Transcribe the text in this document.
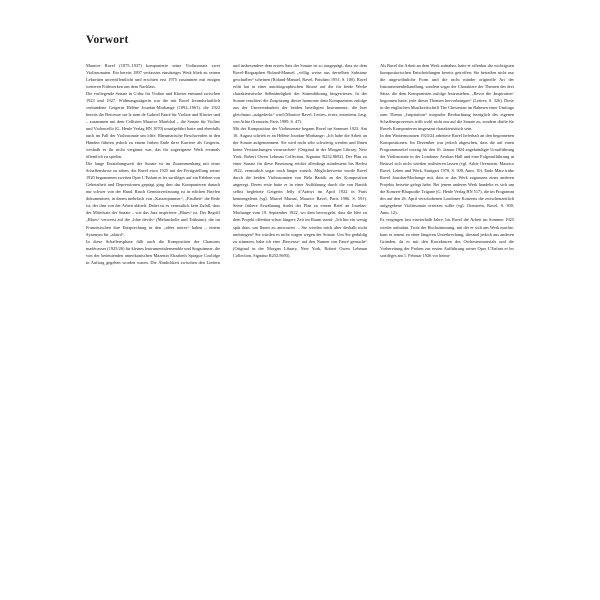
Vorwort

Maurice Ravel (1875–1937) komponierte seine Violinsonate zwei Violinsonaten. Ein bereits 1897 verfasstes einsätziges Werk blieb zu seinen Lebzeiten unveröffentlicht und erschien erst 1975 zusammen mit einigen weiteren Frühwerken aus dem Nachlass.

Die vorliegende Sonate in G-dur für Violine und Klavier entstand zwischen 1923 und 1927. Widmungsträgerin war die mit Ravel freundschaftlich verbundene Geigerin Hélène Jourdan-Morhange (1892–1961), die 1922 bereits die Berceuse sur le nom de Gabriel Fauré für Violine und Klavier und – zusammen mit dem Cellisten Maurice Maréchal – die Sonate für Violine und Violoncello (G. Henle Verlag HN 1070) uraufgeführt hatte und ebenfalls auch im Fall der Violinsonate um öffte. Rheumatische Beschwerden in den Händen führten jedoch zu einem frühen Ende ihrer Karriere als Geigerin, weshalb es ihr nicht vergönnt war, das ihr zugeeignete Werk erstmals öffentlich zu spielen.

Die lange Entstehungszeit der Sonate ist im Zusammenhang mit einer Schaffenskrise zu sehen, die Ravel etwa 1925 mit der Fertigstellung seiner 1920 begonnenen zweiten Oper L’Enfant et les sortilèges auf ein Erleben von Gehetztheit und Depressionen geprägt ging ihm das Komponieren danach nur schwer von der Hand. Rasch Gemütsverfassung ist in etlichen Briefen dokumentiert; in denen mehrfach von „Katzenjammer“, „Faulheit“ die Rede ist, der ihm von der Arbeit abhielt. Dabei ist es vermutlich kein Zufall, dass der Mittelsatz der Sonate – wie das Jazz inspirierte „Blues“ ist. Der Begriff „Blues“ verweist auf die „blue devils“ (Melancholie und Trübsinn), die im Französischen ihre Entsprechung in den „idées noires“ haben – einem Synonym für „afaird“.

In diese Schaffensphase fällt auch die Komposition der Chansons madécasses (1925/26) für kleines Instrumentalensemble und Singstimme, die von der bedeutenden amerikanischen Mäzenin Elizabeth Sprague Coolidge in Auftrag gegeben worden waren. Die Ähnlichkeit zwischen den Liedern und insbesondere dem ersten Satz der Sonate ist so ausgeprägt, dass sie dem Ravel-Biographen Roland-Manuel „völlig weise aus derselben Substanz geschaffen“ scheinen (Roland-Manuel, Ravel, Potsdam 1951, S. 100). Ravel erlitt hat in einer autobiographischen Skizze auf die für beide Werke charakteristische Selbständigkeit der Stimmführung hingewiesen. In der Sonate resultiert die Zuspitzung dieser harmonie dem Komponisten zufolge aus der Unvereinbarkeit der beiden beteiligten Instrumente, die hier gleichsam „aufgedeckt“ wird (Maurice Ravel, Lettres, écrits, entretiens, hrsg. von Arbie Orenstein, Paris 1989, S. 47).

Mit der Komposition der Violinsonate begann Ravel im Sommer 1923. Am 16. August schrieb er an Hélène Jourdan-Morhange: „Ich habe die Arbeit an der Sonate aufgenommen: Sie wird nicht sehr schwierig werden und Ihnen keine Verstauchungen verursachen“ (Original in der Morgan Library, New York, Robert Owen Lehman Collection, Signatur R252.8692). Der Plan zu einer Sonate für diese Besetzung reichte allerdings mindestens bis Herbst 1922, vermutlich sogar noch länger zurück. Möglicherweise wurde Ravel durch die beiden Violinsonaten von Béla Bartók zu der Komposition angeregt. Deren erste hatte er in einer Aufführung durch die von Bartók selbst begleitete Geigerin Jelly d’Arányi im April 1922 in Paris kennengelernt (vgl. Marcel Marnat, Maurice Ravel, Paris 1986, S. 591). Seine frühere Erwähnung findet der Plan zu einem Brief an Jourdan-Morhange vom 19. September 1922, wo dem hervorgeht, dass die Idee zu dem Projekt offenbar schon längere Zeit im Raum stand: „Ich bin ein wenig spät dran, um Ihnen zu antworten ... Sie werden mich aber deshalb nicht umbringen? Sie würden es nicht wagen wegen der Sonate. Um Sie geduldig zu stimmen, habe ich eine ,Berceuse‘ auf den Namen von Fauré gemacht“ (Original in der Morgan Library, New York, Robert Owen Lehman Collection, Signatur R252.8693).

Als Ravel die Arbeit an dem Werk aufnahm, hatte er offenbar die wichtigsten kompositorischen Entscheidungen bereits getroffen: Sie betraffen nicht nur die ungewöhnliche Form und die nicht minder originelle Art der Instrumentenbehandlung, sondern sogar die Charaktere der Themen des drei Sätze, die dem Komponisten zufolge festzustehen. „Bevor die ,Inspiration‘ begonnen hatte, jede dieser Themen hervorbringen“ (Lettres, S. 326). Diese in der englischen Musikzeitschrift The Chesterian im Rahmen einer Umfrage zum Thema „Inspiration“ misprobe Beobachtung bezüglich des eigenen Schaffensprozesses trifft wohl nicht nur auf die Sonate zu, sondern dürfte für Ravels Komponieren insgesamt charakteristisch sein.

In den Wintermonaten 1923/24 arbeitete Ravel lieferhaft an den begonnenen Kompositionen. Im Dezember war jedoch abgeschen, dass die auf einen Programmzettel vorzüg für den 16. Januar 1924 angekündigte Uraufführung der Violinsonate in der Londoner Aeolian Hall und eine Folgeaufführung in Brüssel sich nicht würden realisieren lassen (vgl. Arbie Orenstein, Maurice Ravel, Leben und Werk, Stuttgart 1978, S. 300, Anm. 10). Ende März trübe Ravel Jourdan-Morhange mit, dass er das Werk zugunsten eines anderen Projekts beiseite gelegt habe. Bei jenem anderen Werk handelte es sich um die Konzert-Rhapsodie Tzigane (G. Henle Verlag HN 517), die im Programm des auf den 26. April verschobenen Londoner Konzerts die zwischenzeitlich aufgegebene Violinsonate ersetzen sollte (vgl. Orenstein, Ravel, S. 300, Anm. 12).

Es vergingen fast einvierhalb Jahre, bis Ravel die Arbeit im Sommer 1925 wieder aufnahm. Trotz der Hochstimmung, mit der er sich ans Werk machte, kam es erneut zu einer längeren Unterbrechung, diesmal jedoch aus anderen Gründen, da es mit den Korrekturen des Orchestermaterials und die Vorbereitung der Proben zur ersten Aufführung seiner Oper L’Enfant et les sortilèges am 1. Februar 1926 vor heimi-
